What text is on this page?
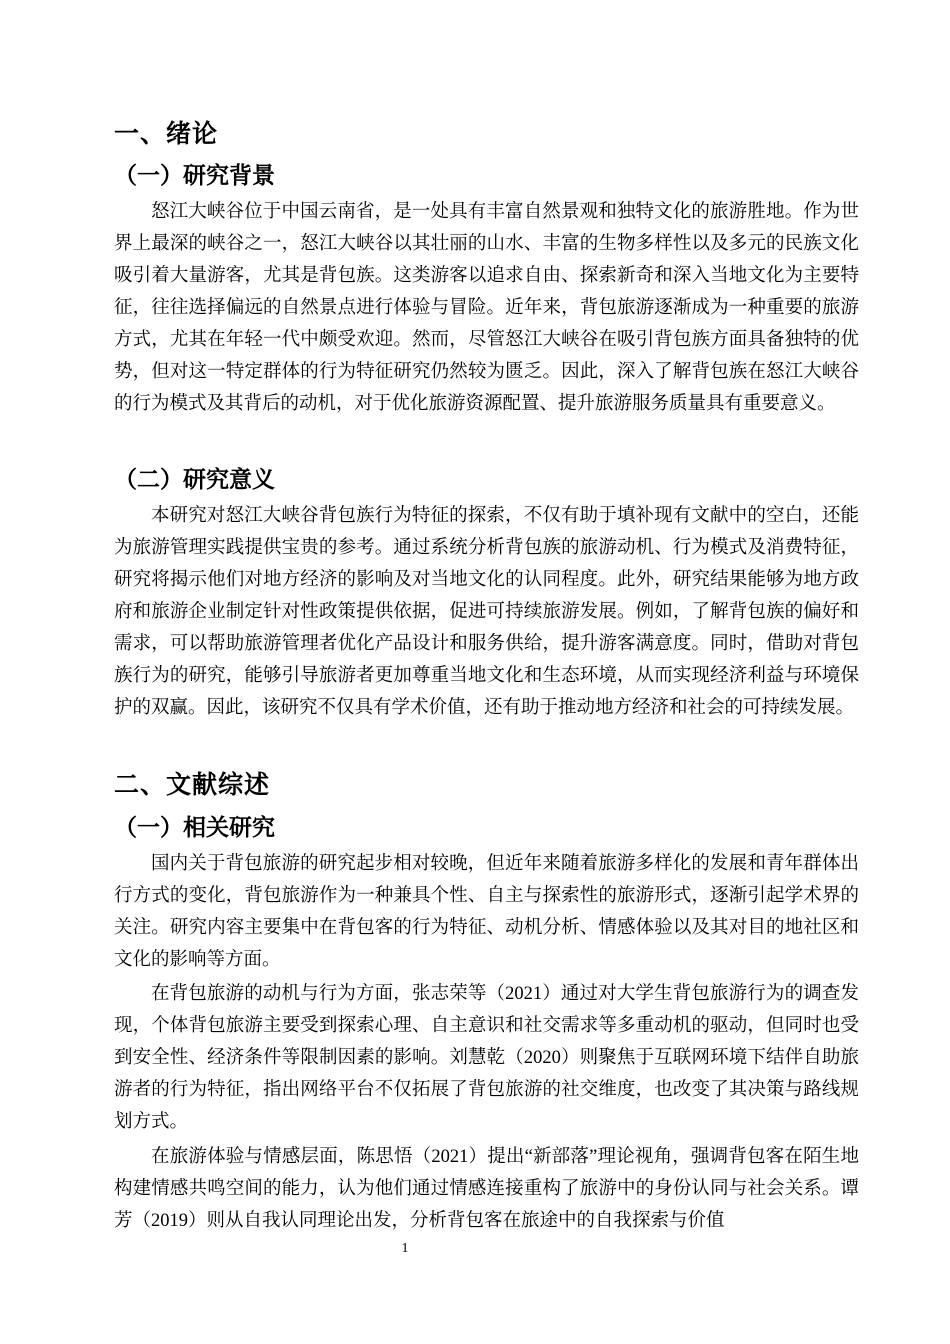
一、绪论
（一）研究背景
怒江大峡谷位于中国云南省，是一处具有丰富自然景观和独特文化的旅游胜地。作为世界上最深的峡谷之一，怒江大峡谷以其壮丽的山水、丰富的生物多样性以及多元的民族文化吸引着大量游客，尤其是背包族。这类游客以追求自由、探索新奇和深入当地文化为主要特征，往往选择偏远的自然景点进行体验与冒险。近年来，背包旅游逐渐成为一种重要的旅游方式，尤其在年轻一代中颇受欢迎。然而，尽管怒江大峡谷在吸引背包族方面具备独特的优势，但对这一特定群体的行为特征研究仍然较为匮乏。因此，深入了解背包族在怒江大峡谷的行为模式及其背后的动机，对于优化旅游资源配置、提升旅游服务质量具有重要意义。
（二）研究意义
本研究对怒江大峡谷背包族行为特征的探索，不仅有助于填补现有文献中的空白，还能为旅游管理实践提供宝贵的参考。通过系统分析背包族的旅游动机、行为模式及消费特征，研究将揭示他们对地方经济的影响及对当地文化的认同程度。此外，研究结果能够为地方政府和旅游企业制定针对性政策提供依据，促进可持续旅游发展。例如，了解背包族的偏好和需求，可以帮助旅游管理者优化产品设计和服务供给，提升游客满意度。同时，借助对背包族行为的研究，能够引导旅游者更加尊重当地文化和生态环境，从而实现经济利益与环境保护的双赢。因此，该研究不仅具有学术价值，还有助于推动地方经济和社会的可持续发展。
二、文献综述
（一）相关研究
国内关于背包旅游的研究起步相对较晚，但近年来随着旅游多样化的发展和青年群体出行方式的变化，背包旅游作为一种兼具个性、自主与探索性的旅游形式，逐渐引起学术界的关注。研究内容主要集中在背包客的行为特征、动机分析、情感体验以及其对目的地社区和文化的影响等方面。
在背包旅游的动机与行为方面，张志荣等（2021）通过对大学生背包旅游行为的调查发现，个体背包旅游主要受到探索心理、自主意识和社交需求等多重动机的驱动，但同时也受到安全性、经济条件等限制因素的影响。刘慧乾（2020）则聚焦于互联网环境下结伴自助旅游者的行为特征，指出网络平台不仅拓展了背包旅游的社交维度，也改变了其决策与路线规划方式。
在旅游体验与情感层面，陈思悟（2021）提出“新部落”理论视角，强调背包客在陌生地构建情感共鸣空间的能力，认为他们通过情感连接重构了旅游中的身份认同与社会关系。谭芳（2019）则从自我认同理论出发，分析背包客在旅途中的自我探索与价值
1
